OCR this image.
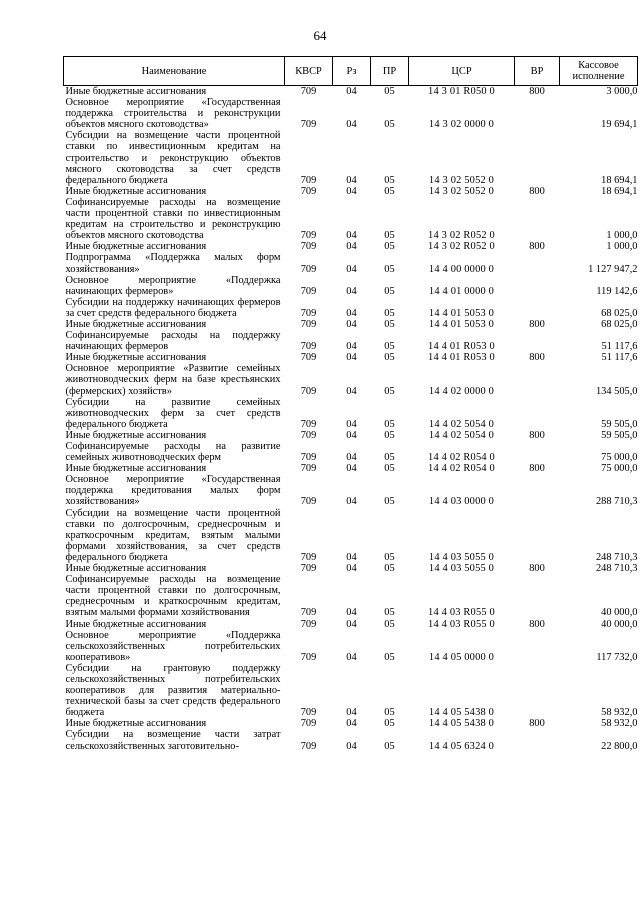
64
Наименование	КВСР	Рз	ПР	ЦСР	ВР	Кассовое исполнение
Иные бюджетные ассигнования	709	04	05	14 3 01 R050 0	800	3 000,0
Основное мероприятие «Государственная поддержка строительства и реконструкции объектов мясного скотоводства»	709	04	05	14 3 02 0000 0		19 694,1
Субсидии на возмещение части процентной ставки по инвестиционным кредитам на строительство и реконструкцию объектов мясного скотоводства за счет средств федерального бюджета	709	04	05	14 3 02 5052 0		18 694,1
Иные бюджетные ассигнования	709	04	05	14 3 02 5052 0	800	18 694,1
Софинансируемые расходы на возмещение части процентной ставки по инвестиционным кредитам на строительство и реконструкцию объектов мясного скотоводства	709	04	05	14 3 02 R052 0		1 000,0
Иные бюджетные ассигнования	709	04	05	14 3 02 R052 0	800	1 000,0
Подпрограмма «Поддержка малых форм хозяйствования»	709	04	05	14 4 00 0000 0		1 127 947,2
Основное мероприятие «Поддержка начинающих фермеров»	709	04	05	14 4 01 0000 0		119 142,6
Субсидии на поддержку начинающих фермеров за счет средств федерального бюджета	709	04	05	14 4 01 5053 0		68 025,0
Иные бюджетные ассигнования	709	04	05	14 4 01 5053 0	800	68 025,0
Софинансируемые расходы на поддержку начинающих фермеров	709	04	05	14 4 01 R053 0		51 117,6
Иные бюджетные ассигнования	709	04	05	14 4 01 R053 0	800	51 117,6
Основное мероприятие «Развитие семейных животноводческих ферм на базе крестьянских (фермерских) хозяйств»	709	04	05	14 4 02 0000 0		134 505,0
Субсидии на развитие семейных животноводческих ферм за счет средств федерального бюджета	709	04	05	14 4 02 5054 0		59 505,0
Иные бюджетные ассигнования	709	04	05	14 4 02 5054 0	800	59 505,0
Софинансируемые расходы на развитие семейных животноводческих ферм	709	04	05	14 4 02 R054 0		75 000,0
Иные бюджетные ассигнования	709	04	05	14 4 02 R054 0	800	75 000,0
Основное мероприятие «Государственная поддержка кредитования малых форм хозяйствования»	709	04	05	14 4 03 0000 0		288 710,3
Субсидии на возмещение части процентной ставки по долгосрочным, среднесрочным и краткосрочным кредитам, взятым малыми формами хозяйствования, за счет средств федерального бюджета	709	04	05	14 4 03 5055 0		248 710,3
Иные бюджетные ассигнования	709	04	05	14 4 03 5055 0	800	248 710,3
Софинансируемые расходы на возмещение части процентной ставки по долгосрочным, среднесрочным и краткосрочным кредитам, взятым малыми формами хозяйствования	709	04	05	14 4 03 R055 0		40 000,0
Иные бюджетные ассигнования	709	04	05	14 4 03 R055 0	800	40 000,0
Основное мероприятие «Поддержка сельскохозяйственных потребительских кооперативов»	709	04	05	14 4 05 0000 0		117 732,0
Субсидии на грантовую поддержку сельскохозяйственных потребительских кооперативов для развития материально-технической базы за счет средств федерального бюджета	709	04	05	14 4 05 5438 0		58 932,0
Иные бюджетные ассигнования	709	04	05	14 4 05 5438 0	800	58 932,0
Субсидии на возмещение части затрат сельскохозяйственных заготовительно-	709	04	05	14 4 05 6324 0		22 800,0
